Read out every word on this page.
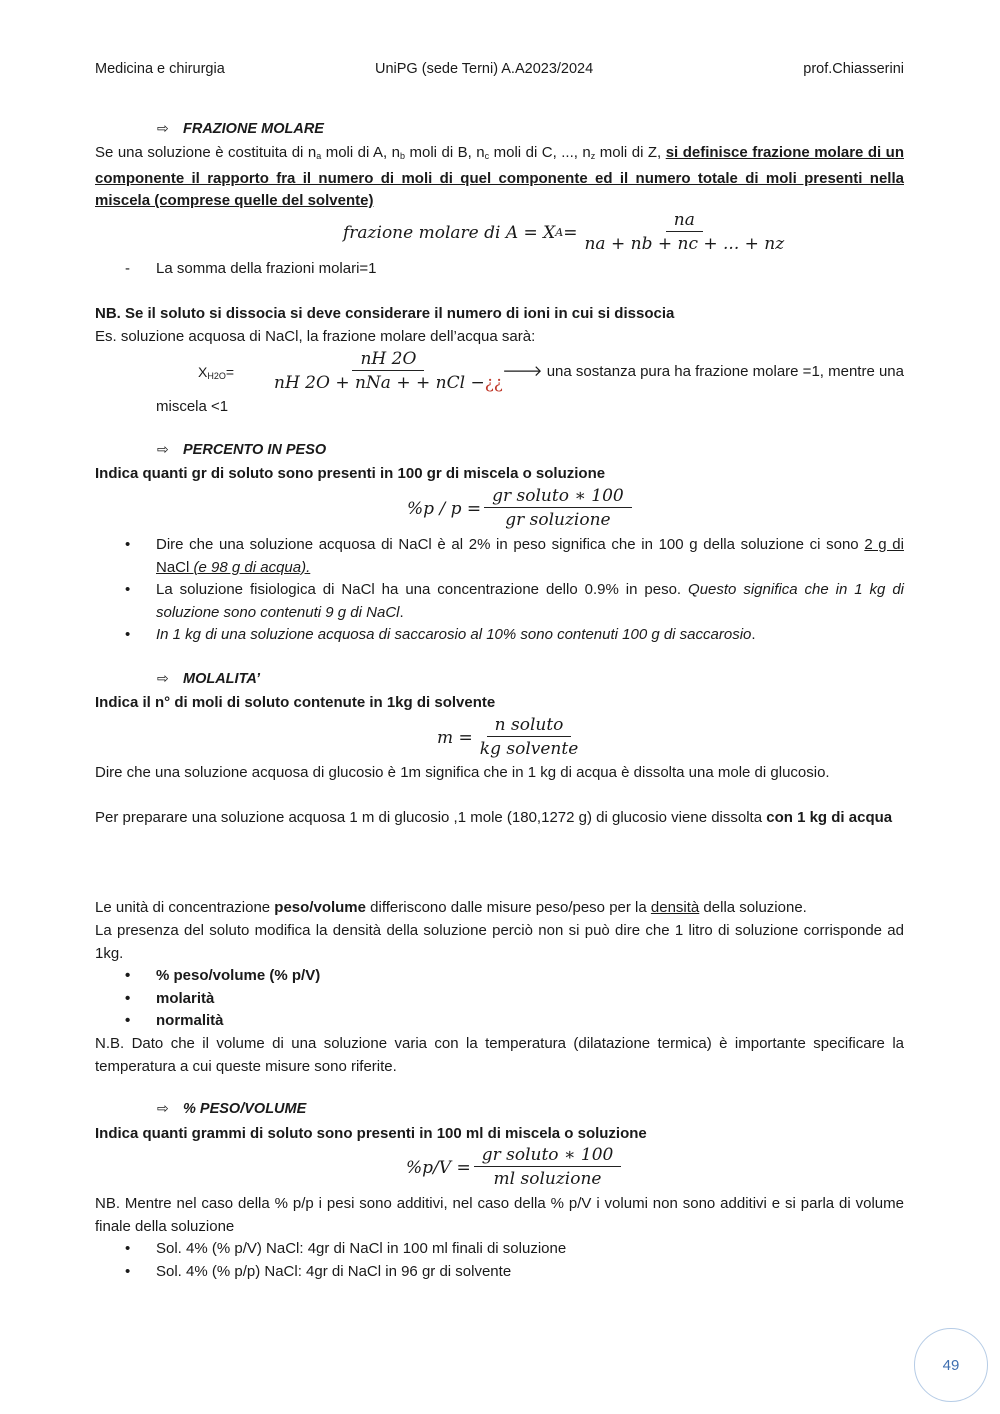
Medicina e chirurgia	UniPG (sede Terni) A.A2023/2024	prof.Chiasserini
⇨ FRAZIONE MOLARE
Se una soluzione è costituita di $n_a$ moli di A, $n_b$ moli di B, $n_c$ moli di C, ..., $n_z$ moli di Z, si definisce frazione molare di un componente il rapporto fra il numero di moli di quel componente ed il numero totale di moli presenti nella miscela (comprese quelle del solvente)
frazione molare di A = X $A = \frac{na}{na + nb + nc + ... + nz}$
- La somma della frazioni molari=1
NB. Se il soluto si dissocia si deve considerare il numero di ioni in cui si dissocia
Es. soluzione acquosa di NaCl, la frazione molare dell’acqua sarà:
$X_{H2O}= \frac{nH 2O}{\text{nH 2O + nNa + + nCl −¿¿}}$
🡒 una sostanza pura ha frazione molare =1, mentre una
miscela <1
⇨ PERCENTO IN PESO
Indica quanti gr di soluto sono presenti in 100 gr di miscela o soluzione
$\%p / p = \frac{\text{gr soluto ∗ 100}}{\text{gr soluzione}}$
• Dire che una soluzione acquosa di NaCl è al 2% in peso significa che in 100 g della soluzione ci sono 2 g di NaCl (e 98 g di acqua).
• La soluzione fisiologica di NaCl ha una concentrazione dello 0.9% in peso. Questo significa che in 1 kg di soluzione sono contenuti 9 g di NaCl.
• In 1 kg di una soluzione acquosa di saccarosio al 10% sono contenuti 100 g di saccarosio.
⇨ MOLALITA’
Indica il n° di moli di soluto contenute in 1kg di solvente
$m = \frac{\text{n soluto}}{\text{kg solvente}}$
Dire che una soluzione acquosa di glucosio è 1m significa che in 1 kg di acqua è dissolta una mole di glucosio.
Per preparare una soluzione acquosa 1 m di glucosio ,1 mole (180,1272 g) di glucosio viene dissolta con 1 kg di acqua
Le unità di concentrazione peso/volume differiscono dalle misure peso/peso per la densità della soluzione.
La presenza del soluto modifica la densità della soluzione perciò non si può dire che 1 litro di soluzione corrisponde ad 1kg.
• % peso/volume (% p/V)
• molarità
• normalità
N.B. Dato che il volume di una soluzione varia con la temperatura (dilatazione termica) è importante specificare la temperatura a cui queste misure sono riferite.
⇨ % PESO/VOLUME
Indica quanti grammi di soluto sono presenti in 100 ml di miscela o soluzione
$\%p/V = \frac{\text{gr soluto ∗ 100}}{\text{ml soluzione}}$
NB. Mentre nel caso della % p/p i pesi sono additivi, nel caso della % p/V i volumi non sono additivi e si parla di volume finale della soluzione
• Sol. 4% (% p/V) NaCl: 4gr di NaCl in 100 ml finali di soluzione
• Sol. 4% (% p/p) NaCl: 4gr di NaCl in 96 gr di solvente
49
